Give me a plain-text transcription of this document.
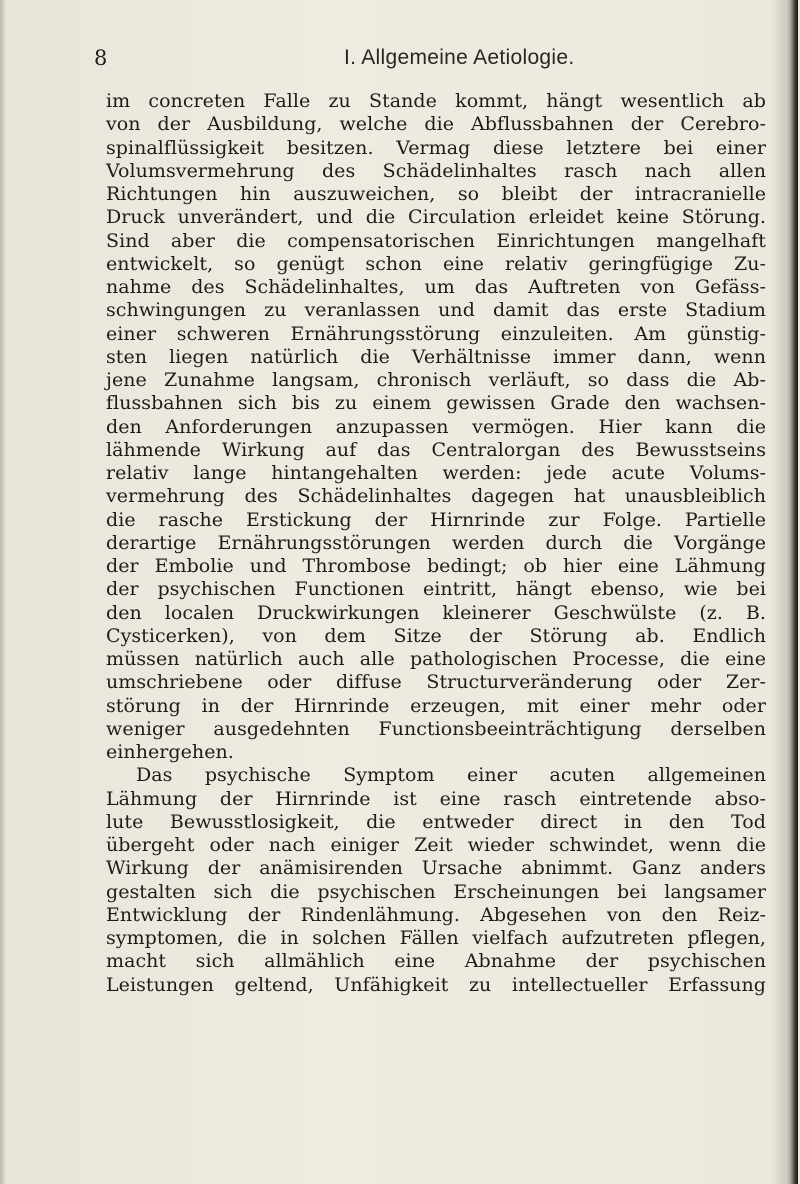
8	I. Allgemeine Aetiologie.
im concreten Falle zu Stande kommt, hängt wesentlich ab
von der Ausbildung, welche die Abflussbahnen der Cerebro-
spinalflüssigkeit besitzen. Vermag diese letztere bei einer
Volumsvermehrung des Schädelinhaltes rasch nach allen
Richtungen hin auszuweichen, so bleibt der intracranielle
Druck unverändert, und die Circulation erleidet keine Störung.
Sind aber die compensatorischen Einrichtungen mangelhaft
entwickelt, so genügt schon eine relativ geringfügige Zu-
nahme des Schädelinhaltes, um das Auftreten von Gefäss-
schwingungen zu veranlassen und damit das erste Stadium
einer schweren Ernährungsstörung einzuleiten. Am günstig-
sten liegen natürlich die Verhältnisse immer dann, wenn
jene Zunahme langsam, chronisch verläuft, so dass die Ab-
flussbahnen sich bis zu einem gewissen Grade den wachsen-
den Anforderungen anzupassen vermögen. Hier kann die
lähmende Wirkung auf das Centralorgan des Bewusstseins
relativ lange hintangehalten werden: jede acute Volums-
vermehrung des Schädelinhaltes dagegen hat unausbleiblich
die rasche Erstickung der Hirnrinde zur Folge. Partielle
derartige Ernährungsstörungen werden durch die Vorgänge
der Embolie und Thrombose bedingt; ob hier eine Lähmung
der psychischen Functionen eintritt, hängt ebenso, wie bei
den localen Druckwirkungen kleinerer Geschwülste (z. B.
Cysticerken), von dem Sitze der Störung ab. Endlich
müssen natürlich auch alle pathologischen Processe, die eine
umschriebene oder diffuse Structurveränderung oder Zer-
störung in der Hirnrinde erzeugen, mit einer mehr oder
weniger ausgedehnten Functionsbeeinträchtigung derselben
einhergehen.
Das psychische Symptom einer acuten allgemeinen
Lähmung der Hirnrinde ist eine rasch eintretende abso-
lute Bewusstlosigkeit, die entweder direct in den Tod
übergeht oder nach einiger Zeit wieder schwindet, wenn die
Wirkung der anämisirenden Ursache abnimmt. Ganz anders
gestalten sich die psychischen Erscheinungen bei langsamer
Entwicklung der Rindenlähmung. Abgesehen von den Reiz-
symptomen, die in solchen Fällen vielfach aufzutreten pflegen,
macht sich allmählich eine Abnahme der psychischen
Leistungen geltend, Unfähigkeit zu intellectueller Erfassung
